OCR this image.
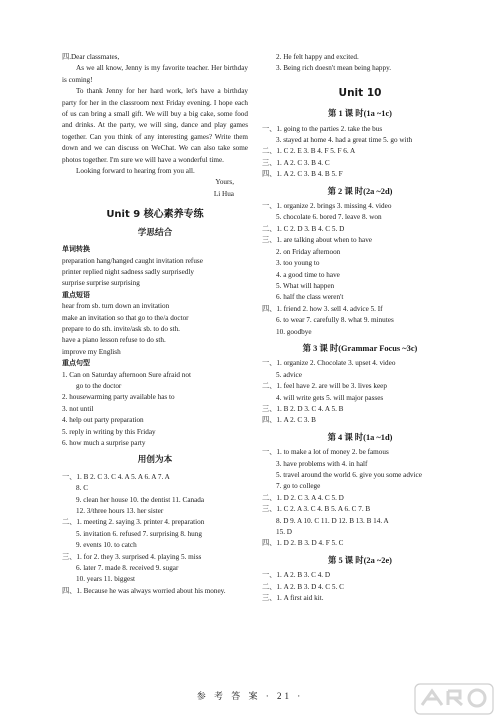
四.Dear classmates,

As we all know, Jenny is my favorite teacher. Her birthday is coming!

To thank Jenny for her hard work, let's have a birthday party for her in the classroom next Friday evening. I hope each of us can bring a small gift. We will buy a big cake, some food and drinks. At the party, we will sing, dance and play games together. Can you think of any interesting games? Write them down and we can discuss on WeChat. We can also take some photos together. I'm sure we will have a wonderful time.

Looking forward to hearing from you all.

Yours,
Li Hua
Unit 9 核心素养专练
学思结合
单词转换
preparation hang/hanged caught invitation refuse
printer replied night sadness sadly surprisedly
surprise surprise surprising
重点短语
hear from sb. turn down an invitation
make an invitation so that go to the/a doctor
prepare to do sth. invite/ask sb. to do sth.
have a piano lesson refuse to do sth.
improve my English
重点句型
1. Can on Saturday afternoon Sure afraid not
go to the doctor
2. housewarming party available has to
3. not until
4. help out party preparation
5. reply in writing by this Friday
6. how much a surprise party
用创为本
一、1. B 2. C 3. C 4. A 5. A 6. A 7. A
8. C
9. clean her house 10. the dentist 11. Canada
12. 3/three hours 13. her sister
二、1. meeting 2. saying 3. printer 4. preparation
5. invitation 6. refused 7. surprising 8. hung
9. events 10. to catch
三、1. for 2. they 3. surprised 4. playing 5. miss
6. later 7. made 8. received 9. sugar
10. years 11. biggest
四、1. Because he was always worried about his money.
2. He felt happy and excited.
3. Being rich doesn't mean being happy.
Unit 10
第 1 课 时(1a ~1c)
一、1. going to the parties 2. take the bus
3. stayed at home 4. had a great time 5. go with
二、1. C 2. E 3. B 4. F 5. F 6. A
三、1. A 2. C 3. B 4. C
四、1. A 2. C 3. B 4. B 5. F
第 2 课 时(2a ~2d)
一、1. organize 2. brings 3. missing 4. video
5. chocolate 6. bored 7. leave 8. won
二、1. C 2. D 3. B 4. C 5. D
三、1. are talking about when to have
2. on Friday afternoon
3. too young to
4. a good time to have
5. What will happen
6. half the class weren't
四、1. friend 2. how 3. sell 4. advice 5. If
6. to wear 7. carefully 8. what 9. minutes
10. goodbye
第 3 课 时(Grammar Focus ~3c)
一、1. organize 2. Chocolate 3. upset 4. video
5. advice
二、1. feel have 2. are will be 3. lives keep
4. will write gets 5. will major passes
三、1. B 2. D 3. C 4. A 5. B
四、1. A 2. C 3. B
第 4 课 时(1a ~1d)
一、1. to make a lot of money 2. be famous
3. have problems with 4. in half
5. travel around the world 6. give you some advice
7. go to college
二、1. D 2. C 3. A 4. C 5. D
三、1. C 2. A 3. C 4. B 5. A 6. C 7. B
8. D 9. A 10. C 11. D 12. B 13. B 14. A
15. D
四、1. D 2. B 3. D 4. F 5. C
第 5 课 时(2a ~2e)
一、1. A 2. B 3. C 4. D
二、1. A 2. B 3. D 4. C 5. C
三、1. A first aid kit.
参 考 答 案 · 21 ·
